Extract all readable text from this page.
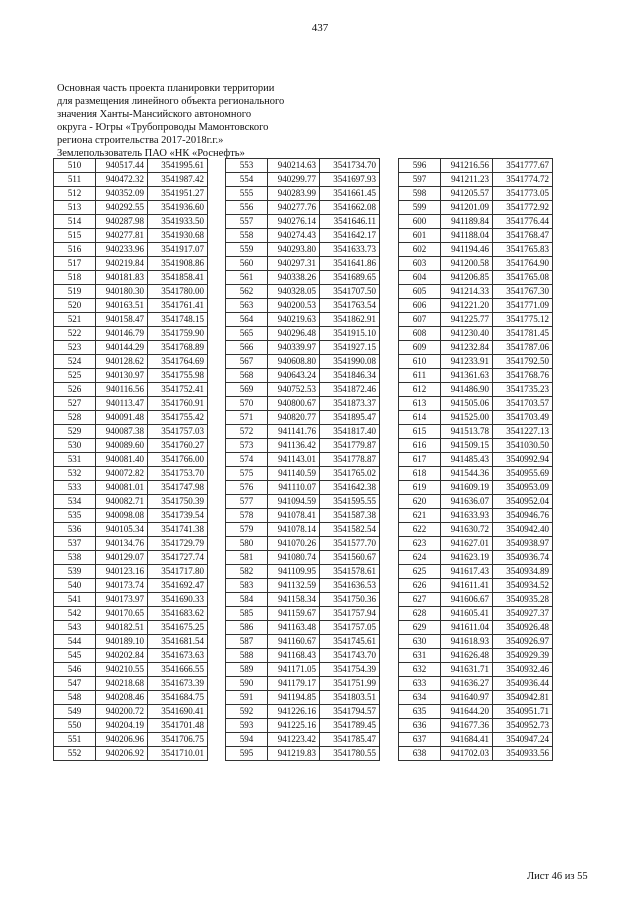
437
Основная часть проекта планировки территории
для размещения линейного объекта регионального
значения Ханты-Мансийского автономного
округа - Югры «Трубопроводы Мамонтовского
региона строительства 2017-2018г.г.»
Землепользователь ПАО «НК «Роснефть»
510	940517.44	3541995.61
511	940472.32	3541987.42
512	940352.09	3541951.27
513	940292.55	3541936.60
514	940287.98	3541933.50
515	940277.81	3541930.68
516	940233.96	3541917.07
517	940219.84	3541908.86
518	940181.83	3541858.41
519	940180.30	3541780.00
520	940163.51	3541761.41
521	940158.47	3541748.15
522	940146.79	3541759.90
523	940144.29	3541768.89
524	940128.62	3541764.69
525	940130.97	3541755.98
526	940116.56	3541752.41
527	940113.47	3541760.91
528	940091.48	3541755.42
529	940087.38	3541757.03
530	940089.60	3541760.27
531	940081.40	3541766.00
532	940072.82	3541753.70
533	940081.01	3541747.98
534	940082.71	3541750.39
535	940098.08	3541739.54
536	940105.34	3541741.38
537	940134.76	3541729.79
538	940129.07	3541727.74
539	940123.16	3541717.80
540	940173.74	3541692.47
541	940173.97	3541690.33
542	940170.65	3541683.62
543	940182.51	3541675.25
544	940189.10	3541681.54
545	940202.84	3541673.63
546	940210.55	3541666.55
547	940218.68	3541673.39
548	940208.46	3541684.75
549	940200.72	3541690.41
550	940204.19	3541701.48
551	940206.96	3541706.75
552	940206.92	3541710.01
553	940214.63	3541734.70
554	940299.77	3541697.93
555	940283.99	3541661.45
556	940277.76	3541662.08
557	940276.14	3541646.11
558	940274.43	3541642.17
559	940293.80	3541633.73
560	940297.31	3541641.86
561	940338.26	3541689.65
562	940328.05	3541707.50
563	940200.53	3541763.54
564	940219.63	3541862.91
565	940296.48	3541915.10
566	940339.97	3541927.15
567	940608.80	3541990.08
568	940643.24	3541846.34
569	940752.53	3541872.46
570	940800.67	3541873.37
571	940820.77	3541895.47
572	941141.76	3541817.40
573	941136.42	3541779.87
574	941143.01	3541778.87
575	941140.59	3541765.02
576	941110.07	3541642.38
577	941094.59	3541595.55
578	941078.41	3541587.38
579	941078.14	3541582.54
580	941070.26	3541577.70
581	941080.74	3541560.67
582	941109.95	3541578.61
583	941132.59	3541636.53
584	941158.34	3541750.36
585	941159.67	3541757.94
586	941163.48	3541757.05
587	941160.67	3541745.61
588	941168.43	3541743.70
589	941171.05	3541754.39
590	941179.17	3541751.99
591	941194.85	3541803.51
592	941226.16	3541794.57
593	941225.16	3541789.45
594	941223.42	3541785.47
595	941219.83	3541780.55
596	941216.56	3541777.67
597	941211.23	3541774.72
598	941205.57	3541773.05
599	941201.09	3541772.92
600	941189.84	3541776.44
601	941188.04	3541768.47
602	941194.46	3541765.83
603	941200.58	3541764.90
604	941206.85	3541765.08
605	941214.33	3541767.30
606	941221.20	3541771.09
607	941225.77	3541775.12
608	941230.40	3541781.45
609	941232.84	3541787.06
610	941233.91	3541792.50
611	941361.63	3541768.76
612	941486.90	3541735.23
613	941505.06	3541703.57
614	941525.00	3541703.49
615	941513.78	3541227.13
616	941509.15	3541030.50
617	941485.43	3540992.94
618	941544.36	3540955.69
619	941609.19	3540953.09
620	941636.07	3540952.04
621	941633.93	3540946.76
622	941630.72	3540942.40
623	941627.01	3540938.97
624	941623.19	3540936.74
625	941617.43	3540934.89
626	941611.41	3540934.52
627	941606.67	3540935.28
628	941605.41	3540927.37
629	941611.04	3540926.48
630	941618.93	3540926.97
631	941626.48	3540929.39
632	941631.71	3540932.46
633	941636.27	3540936.44
634	941640.97	3540942.81
635	941644.20	3540951.71
636	941677.36	3540952.73
637	941684.41	3540947.24
638	941702.03	3540933.56
Лист 46 из 55
